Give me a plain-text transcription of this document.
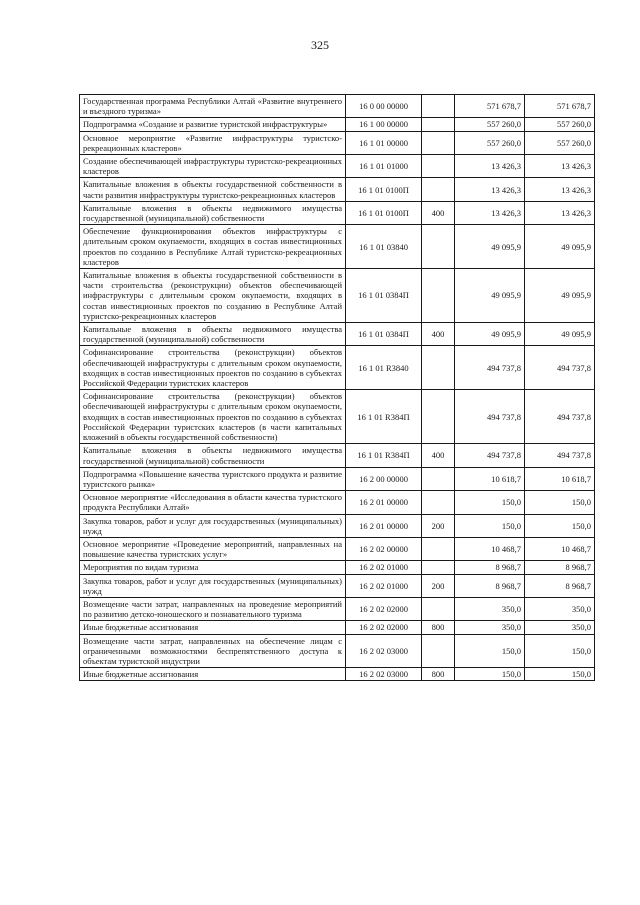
325
Государственная программа Республики Алтай «Развитие внутреннего и въездного туризма»	16 0 00 00000		571 678,7	571 678,7
Подпрограмма «Создание и развитие туристской инфраструктуры»	16 1 00 00000		557 260,0	557 260,0
Основное мероприятие «Развитие инфраструктуры туристско-рекреационных кластеров»	16 1 01 00000		557 260,0	557 260,0
Создание обеспечивающей инфраструктуры туристско-рекреационных кластеров	16 1 01 01000		13 426,3	13 426,3
Капитальные вложения в объекты государственной собственности в части развития инфраструктуры туристско-рекреационных кластеров	16 1 01 0100П		13 426,3	13 426,3
Капитальные вложения в объекты недвижимого имущества государственной (муниципальной) собственности	16 1 01 0100П	400	13 426,3	13 426,3
Обеспечение функционирования объектов инфраструктуры с длительным сроком окупаемости, входящих в состав инвестиционных проектов по созданию в Республике Алтай туристско-рекреационных кластеров	16 1 01 03840		49 095,9	49 095,9
Капитальные вложения в объекты государственной собственности в части строительства (реконструкции) объектов обеспечивающей инфраструктуры с длительным сроком окупаемости, входящих в состав инвестиционных проектов по созданию в Республике Алтай туристско-рекреационных кластеров	16 1 01 0384П		49 095,9	49 095,9
Капитальные вложения в объекты недвижимого имущества государственной (муниципальной) собственности	16 1 01 0384П	400	49 095,9	49 095,9
Софинансирование строительства (реконструкции) объектов обеспечивающей инфраструктуры с длительным сроком окупаемости, входящих в состав инвестиционных проектов по созданию в субъектах Российской Федерации туристских кластеров	16 1 01 R3840		494 737,8	494 737,8
Софинансирование строительства (реконструкции) объектов обеспечивающей инфраструктуры с длительным сроком окупаемости, входящих в состав инвестиционных проектов по созданию в субъектах Российской Федерации туристских кластеров (в части капитальных вложений в объекты государственной собственности)	16 1 01 R384П		494 737,8	494 737,8
Капитальные вложения в объекты недвижимого имущества государственной (муниципальной) собственности	16 1 01 R384П	400	494 737,8	494 737,8
Подпрограмма «Повышение качества туристского продукта и развитие туристского рынка»	16 2 00 00000		10 618,7	10 618,7
Основное мероприятие «Исследования в области качества туристского продукта Республики Алтай»	16 2 01 00000		150,0	150,0
Закупка товаров, работ и услуг для государственных (муниципальных) нужд	16 2 01 00000	200	150,0	150,0
Основное мероприятие «Проведение мероприятий, направленных на повышение качества туристских услуг»	16 2 02 00000		10 468,7	10 468,7
Мероприятия по видам туризма	16 2 02 01000		8 968,7	8 968,7
Закупка товаров, работ и услуг для государственных (муниципальных) нужд	16 2 02 01000	200	8 968,7	8 968,7
Возмещение части затрат, направленных на проведение мероприятий по развитию детско-юношеского и познавательного туризма	16 2 02 02000		350,0	350,0
Иные бюджетные ассигнования	16 2 02 02000	800	350,0	350,0
Возмещение части затрат, направленных на обеспечение лицам с ограниченными возможностями беспрепятственного доступа к объектам туристской индустрии	16 2 02 03000		150,0	150,0
Иные бюджетные ассигнования	16 2 02 03000	800	150,0	150,0
